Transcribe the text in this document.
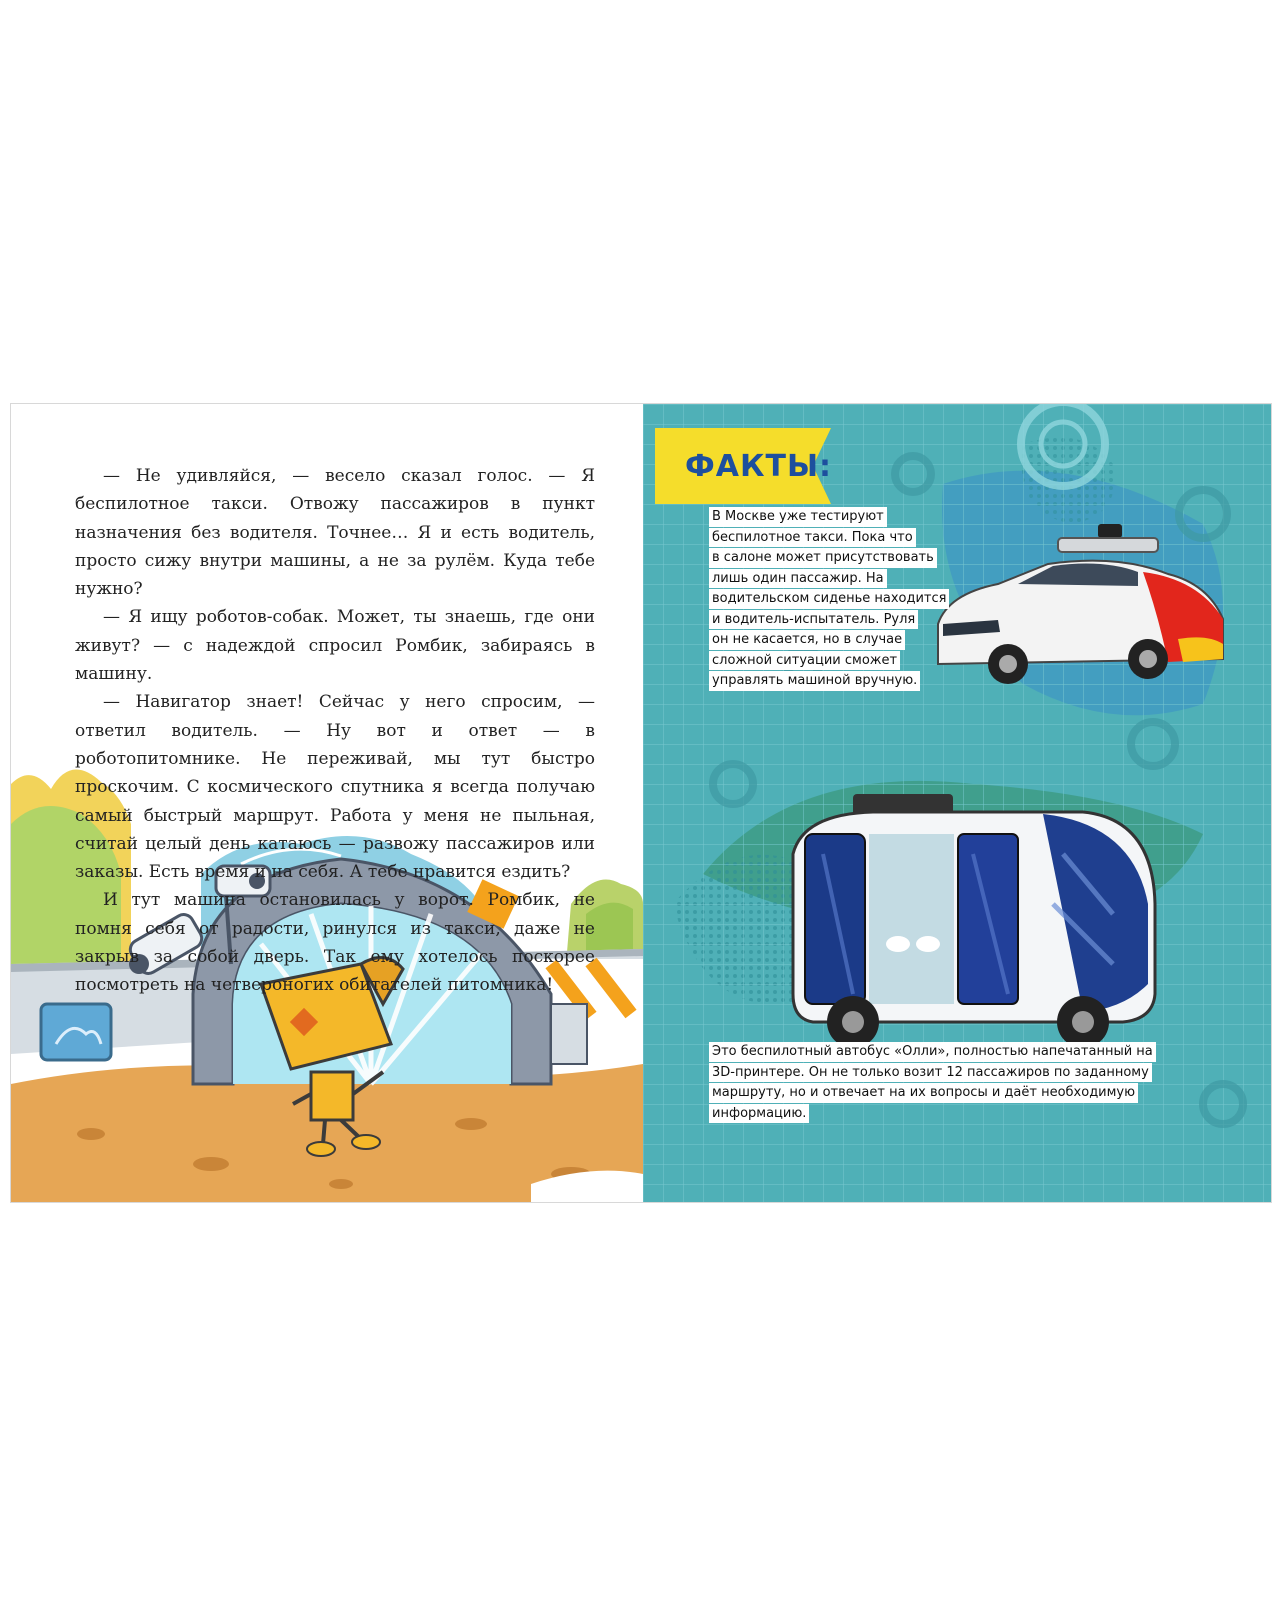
— Не удивляйся, — весело сказал голос. — Я беспилотное такси. Отвожу пассажиров в пункт назначения без водителя. Точнее… Я и есть водитель, просто сижу внутри машины, а не за рулём. Куда тебе нужно?

— Я ищу роботов-собак. Может, ты знаешь, где они живут? — с надеждой спросил Ромбик, забираясь в машину.

— Навигатор знает! Сейчас у него спросим, — ответил водитель. — Ну вот и ответ — в роботопитомнике. Не переживай, мы тут быстро проскочим. С космического спутника я всегда получаю самый быстрый маршрут. Работа у меня не пыльная, считай целый день катаюсь — развожу пассажиров или заказы. Есть время и на себя. А тебе нравится ездить?

И тут машина остановилась у ворот. Ромбик, не помня себя от радости, ринулся из такси, даже не закрыв за собой дверь. Так ему хотелось поскорее посмотреть на четвероногих обитателей питомника!

ФАКТЫ:
В Москве уже тестируют
беспилотное такси. Пока что
в салоне может присутствовать
лишь один пассажир. На
водительском сиденье находится
и водитель-испытатель. Руля
он не касается, но в случае
сложной ситуации сможет
управлять машиной вручную.
Это беспилотный автобус «Олли», полностью напечатанный на
3D-принтере. Он не только возит 12 пассажиров по заданному
маршруту, но и отвечает на их вопросы и даёт необходимую
информацию.
